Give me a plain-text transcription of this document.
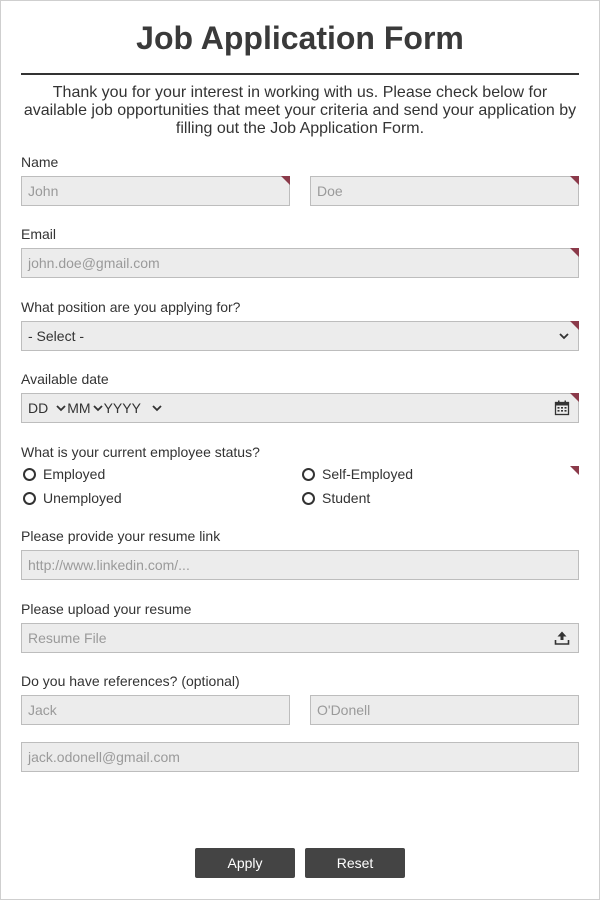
Job Application Form
Thank you for your interest in working with us. Please check below for available job opportunities that meet your criteria and send your application by filling out the Job Application Form.
Name
John	Doe
Email
john.doe@gmail.com
What position are you applying for?
- Select -
Available date
DD MM YYYY
What is your current employee status?
Employed	Self-Employed
Unemployed	Student
Please provide your resume link
http://www.linkedin.com/...
Please upload your resume
Resume File
Do you have references? (optional)
Jack	O'Donell
jack.odonell@gmail.com
Apply	Reset
